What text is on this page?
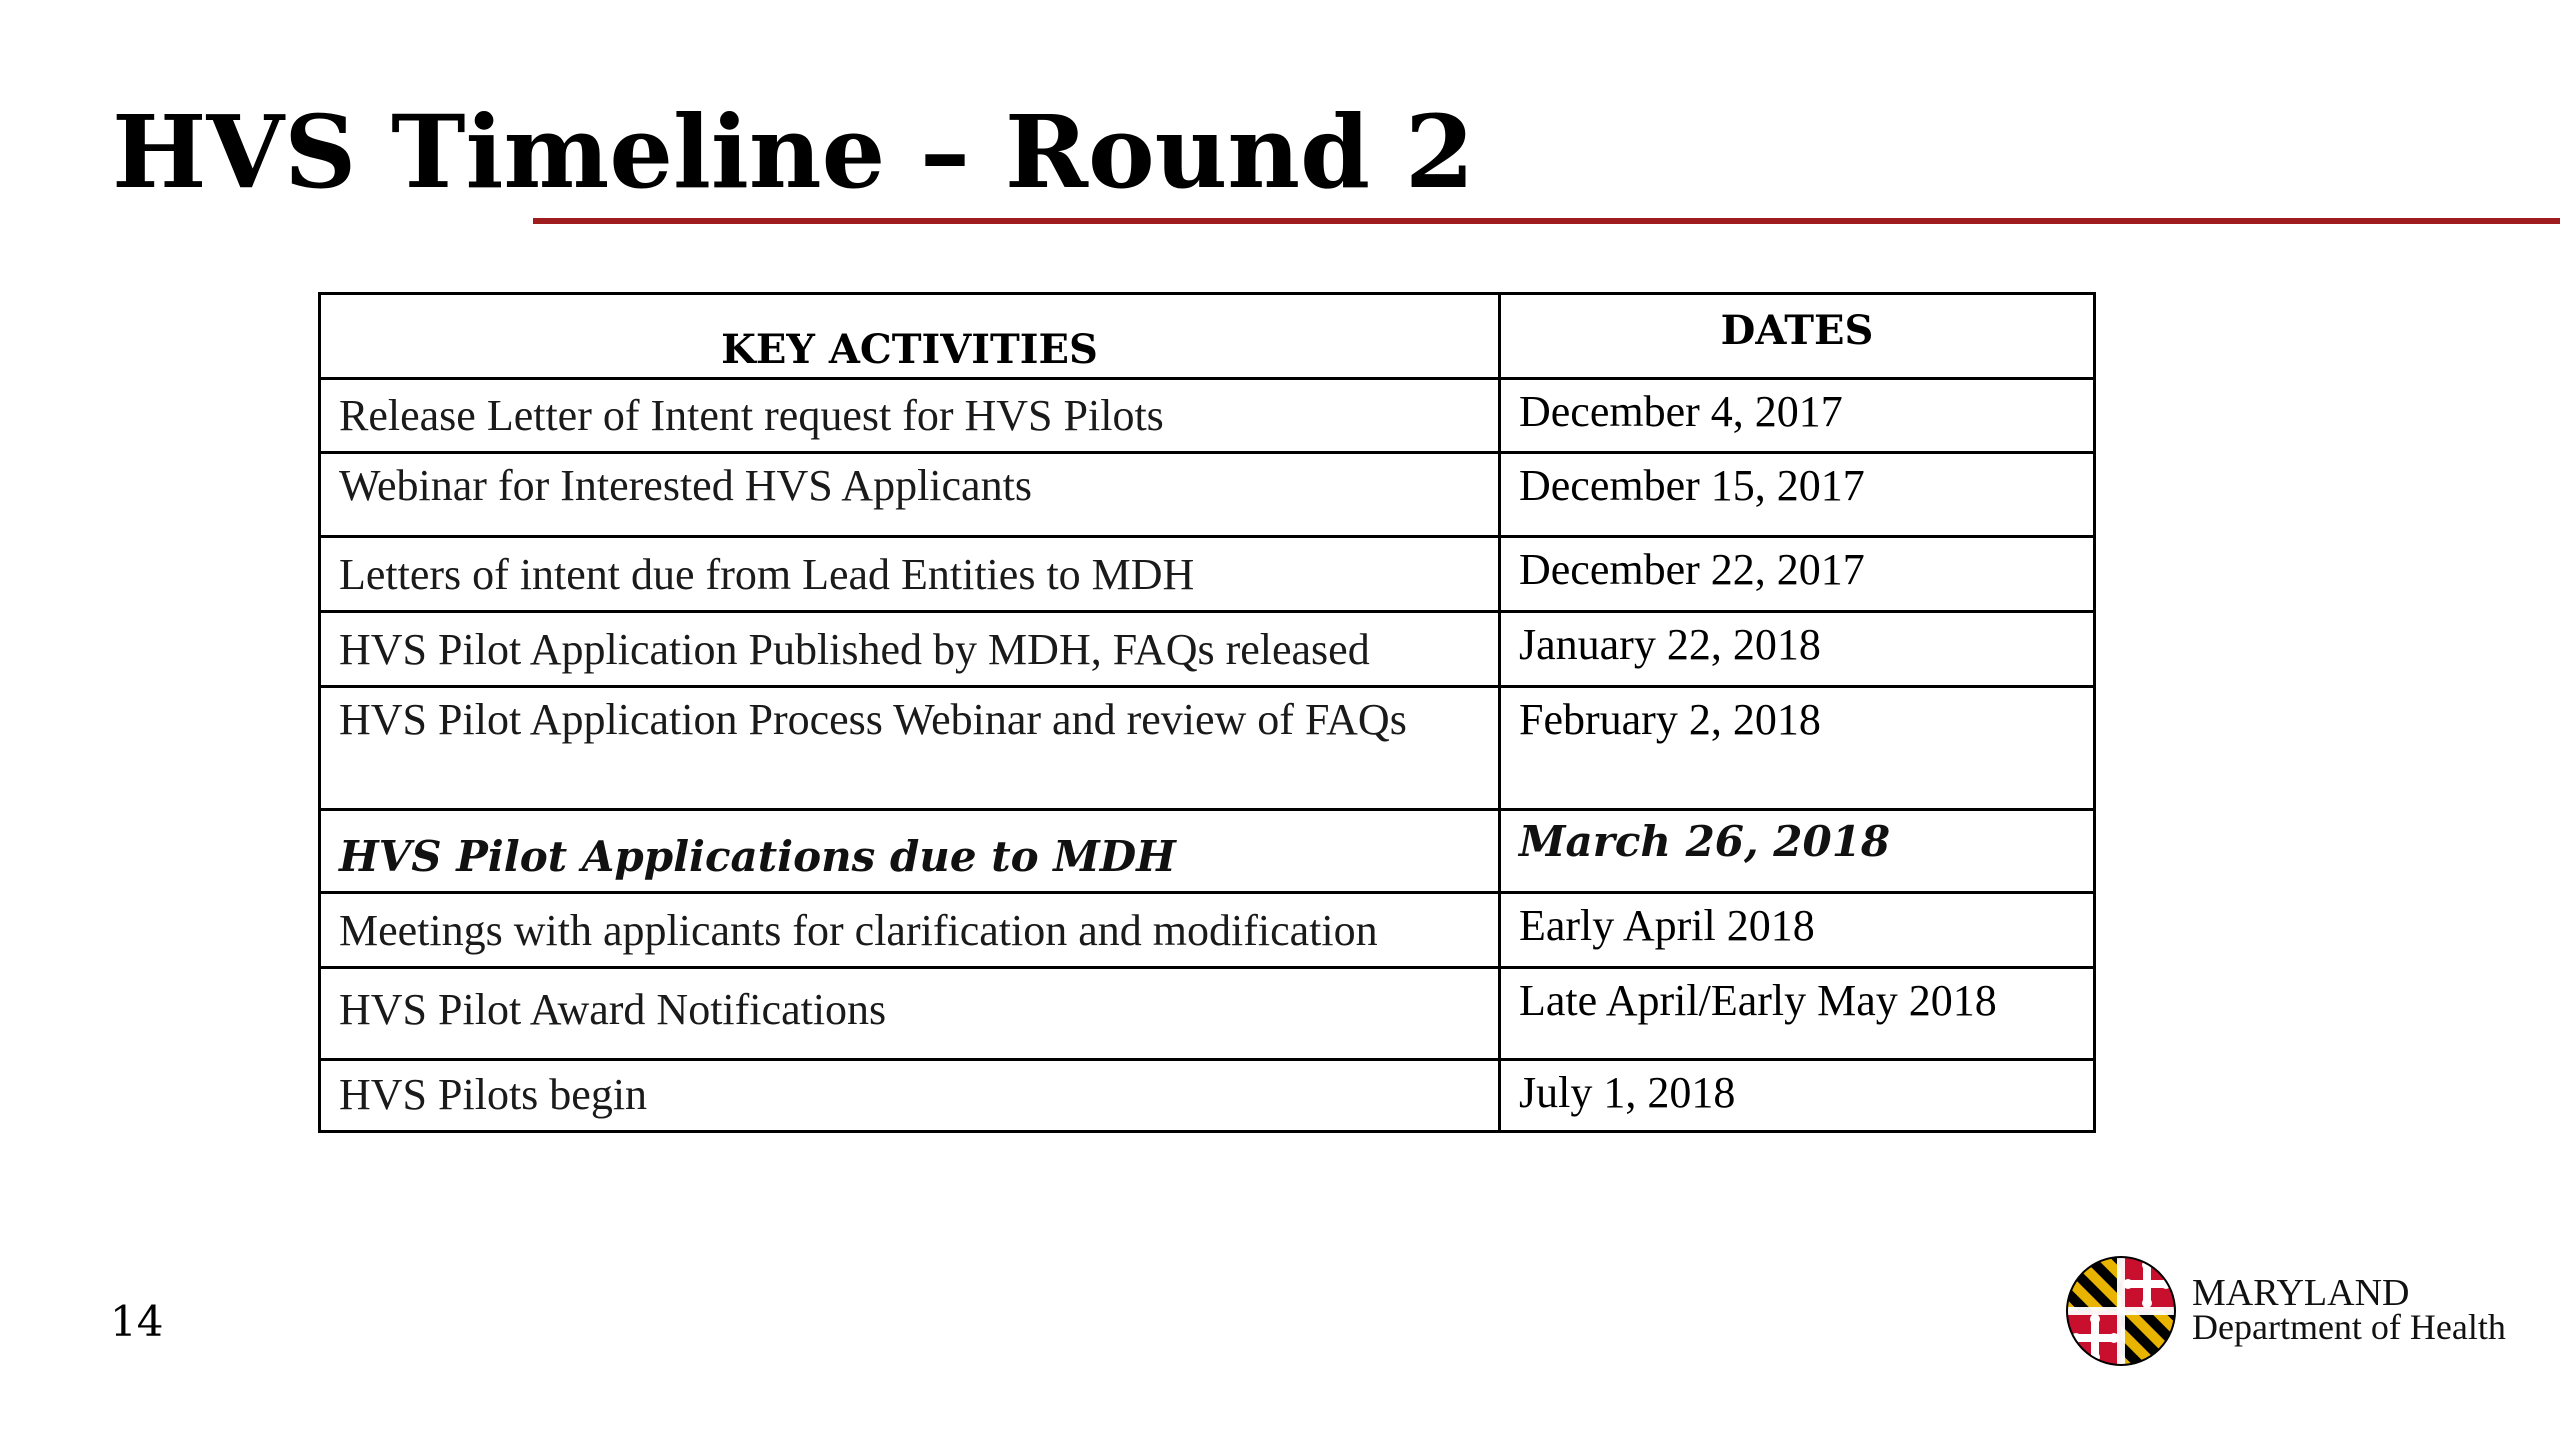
HVS Timeline – Round 2
KEY ACTIVITIES	DATES
Release Letter of Intent request for HVS Pilots	December 4, 2017
Webinar for Interested HVS Applicants	December 15, 2017
Letters of intent due from Lead Entities to MDH	December 22, 2017
HVS Pilot Application Published by MDH, FAQs released	January 22, 2018
HVS Pilot Application Process Webinar and review of FAQs	February 2, 2018
HVS Pilot Applications due to MDH	March 26, 2018
Meetings with applicants for clarification and modification	Early April 2018
HVS Pilot Award Notifications	Late April/Early May 2018
HVS Pilots begin	July 1, 2018
14
MARYLAND
Department of Health
